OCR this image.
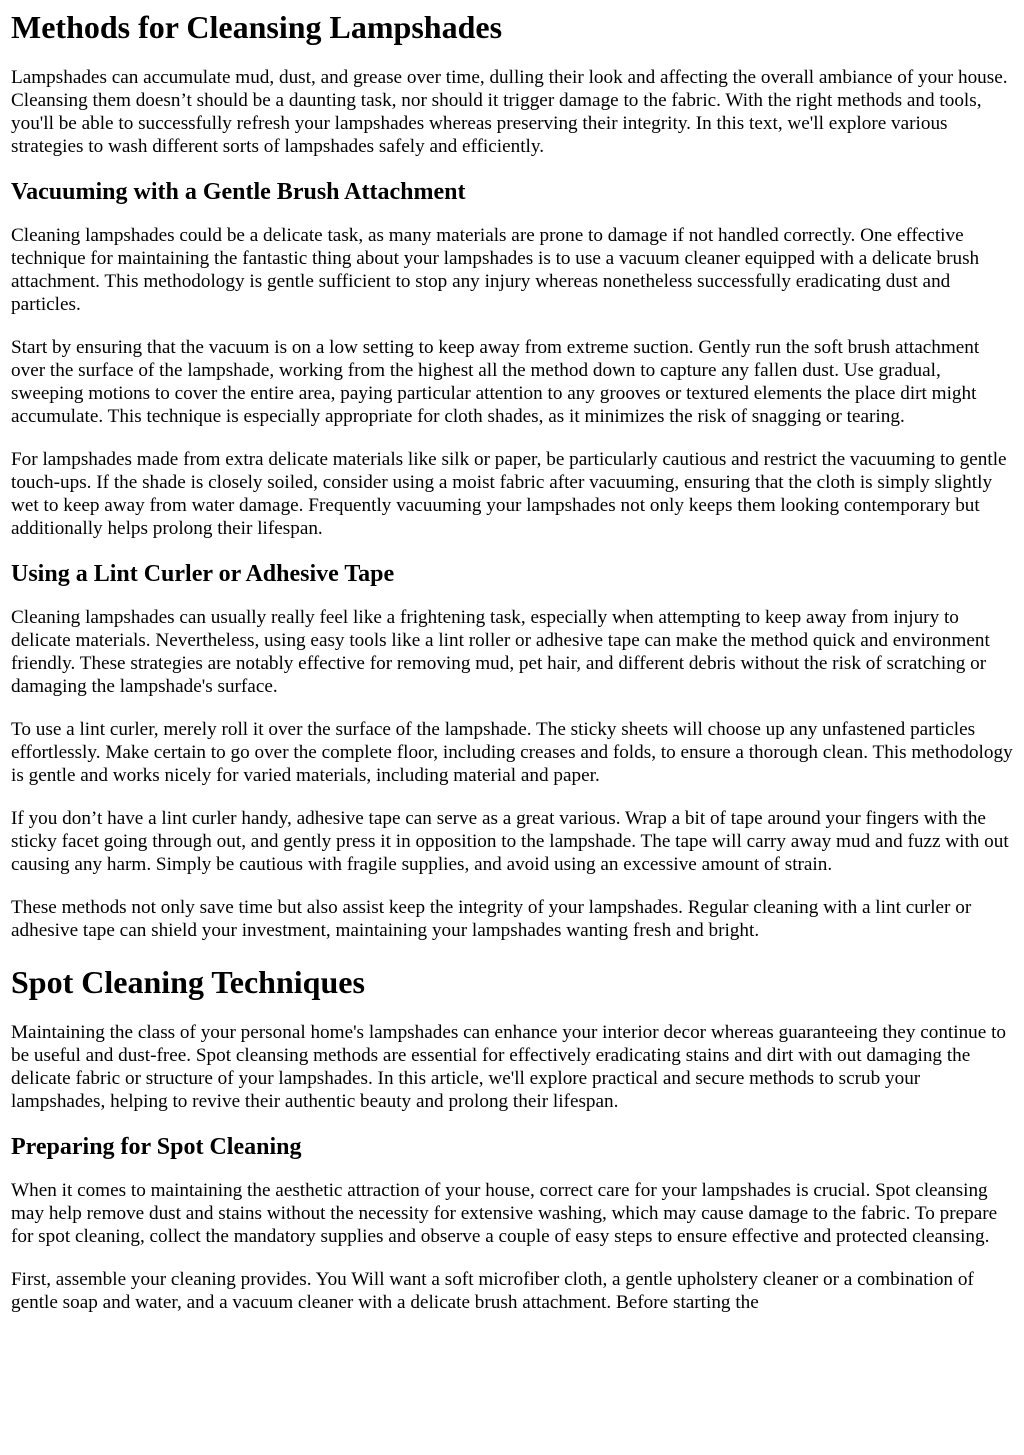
Methods for Cleansing Lampshades

Lampshades can accumulate mud, dust, and grease over time, dulling their look and affecting the overall ambiance of your house. Cleansing them doesn’t should be a daunting task, nor should it trigger damage to the fabric. With the right methods and tools, you'll be able to successfully refresh your lampshades whereas preserving their integrity. In this text, we'll explore various strategies to wash different sorts of lampshades safely and efficiently.

Vacuuming with a Gentle Brush Attachment

Cleaning lampshades could be a delicate task, as many materials are prone to damage if not handled correctly. One effective technique for maintaining the fantastic thing about your lampshades is to use a vacuum cleaner equipped with a delicate brush attachment. This methodology is gentle sufficient to stop any injury whereas nonetheless successfully eradicating dust and particles.

Start by ensuring that the vacuum is on a low setting to keep away from extreme suction. Gently run the soft brush attachment over the surface of the lampshade, working from the highest all the method down to capture any fallen dust. Use gradual, sweeping motions to cover the entire area, paying particular attention to any grooves or textured elements the place dirt might accumulate. This technique is especially appropriate for cloth shades, as it minimizes the risk of snagging or tearing.

For lampshades made from extra delicate materials like silk or paper, be particularly cautious and restrict the vacuuming to gentle touch-ups. If the shade is closely soiled, consider using a moist fabric after vacuuming, ensuring that the cloth is simply slightly wet to keep away from water damage. Frequently vacuuming your lampshades not only keeps them looking contemporary but additionally helps prolong their lifespan.

Using a Lint Curler or Adhesive Tape

Cleaning lampshades can usually really feel like a frightening task, especially when attempting to keep away from injury to delicate materials. Nevertheless, using easy tools like a lint roller or adhesive tape can make the method quick and environment friendly. These strategies are notably effective for removing mud, pet hair, and different debris without the risk of scratching or damaging the lampshade's surface.

To use a lint curler, merely roll it over the surface of the lampshade. The sticky sheets will choose up any unfastened particles effortlessly. Make certain to go over the complete floor, including creases and folds, to ensure a thorough clean. This methodology is gentle and works nicely for varied materials, including material and paper.

If you don’t have a lint curler handy, adhesive tape can serve as a great various. Wrap a bit of tape around your fingers with the sticky facet going through out, and gently press it in opposition to the lampshade. The tape will carry away mud and fuzz with out causing any harm. Simply be cautious with fragile supplies, and avoid using an excessive amount of strain.

These methods not only save time but also assist keep the integrity of your lampshades. Regular cleaning with a lint curler or adhesive tape can shield your investment, maintaining your lampshades wanting fresh and bright.

Spot Cleaning Techniques

Maintaining the class of your personal home's lampshades can enhance your interior decor whereas guaranteeing they continue to be useful and dust-free. Spot cleansing methods are essential for effectively eradicating stains and dirt with out damaging the delicate fabric or structure of your lampshades. In this article, we'll explore practical and secure methods to scrub your lampshades, helping to revive their authentic beauty and prolong their lifespan.

Preparing for Spot Cleaning

When it comes to maintaining the aesthetic attraction of your house, correct care for your lampshades is crucial. Spot cleansing may help remove dust and stains without the necessity for extensive washing, which may cause damage to the fabric. To prepare for spot cleaning, collect the mandatory supplies and observe a couple of easy steps to ensure effective and protected cleansing.

First, assemble your cleaning provides. You Will want a soft microfiber cloth, a gentle upholstery cleaner or a combination of gentle soap and water, and a vacuum cleaner with a delicate brush attachment. Before starting the
